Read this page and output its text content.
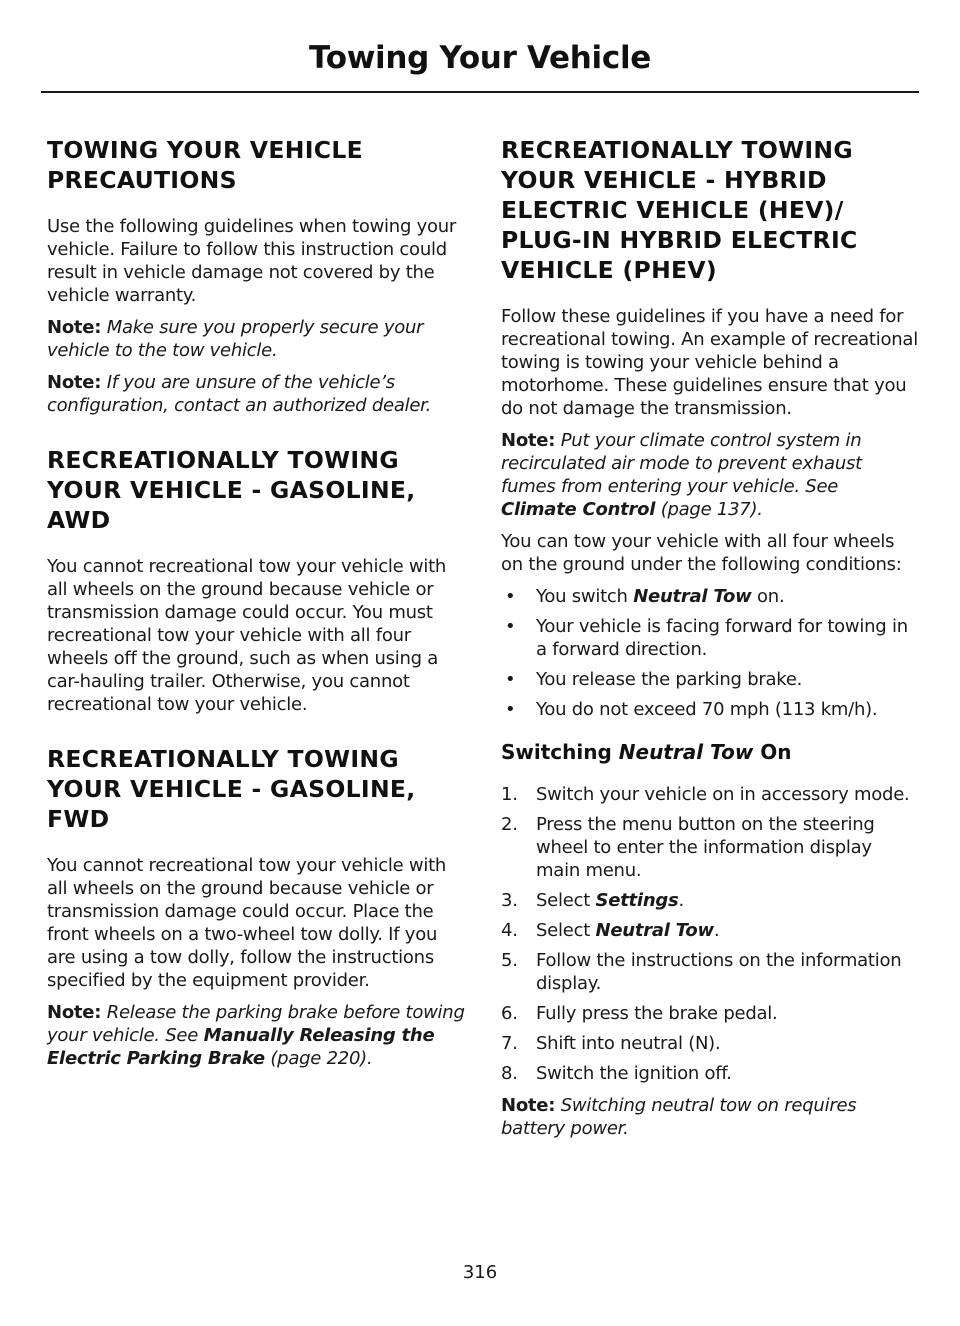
Towing Your Vehicle
TOWING YOUR VEHICLE
PRECAUTIONS

Use the following guidelines when towing your vehicle. Failure to follow this instruction could result in vehicle damage not covered by the vehicle warranty.

Note: Make sure you properly secure your vehicle to the tow vehicle.

Note: If you are unsure of the vehicle’s configuration, contact an authorized dealer.

RECREATIONALLY TOWING
YOUR VEHICLE - GASOLINE,
AWD

You cannot recreational tow your vehicle with all wheels on the ground because vehicle or transmission damage could occur. You must recreational tow your vehicle with all four wheels off the ground, such as when using a car-hauling trailer. Otherwise, you cannot recreational tow your vehicle.

RECREATIONALLY TOWING
YOUR VEHICLE - GASOLINE,
FWD

You cannot recreational tow your vehicle with all wheels on the ground because vehicle or transmission damage could occur. Place the front wheels on a two-wheel tow dolly. If you are using a tow dolly, follow the instructions specified by the equipment provider.

Note: Release the parking brake before towing your vehicle. See Manually Releasing the Electric Parking Brake (page 220).

RECREATIONALLY TOWING
YOUR VEHICLE - HYBRID
ELECTRIC VEHICLE (HEV)/
PLUG-IN HYBRID ELECTRIC
VEHICLE (PHEV)

Follow these guidelines if you have a need for recreational towing. An example of recreational towing is towing your vehicle behind a motorhome. These guidelines ensure that you do not damage the transmission.

Note: Put your climate control system in recirculated air mode to prevent exhaust fumes from entering your vehicle. See Climate Control (page 137).

You can tow your vehicle with all four wheels on the ground under the following conditions:

• You switch Neutral Tow on.
• Your vehicle is facing forward for towing in a forward direction.
• You release the parking brake.
• You do not exceed 70 mph (113 km/h).
Switching Neutral Tow On
1. Switch your vehicle on in accessory mode.
2. Press the menu button on the steering wheel to enter the information display main menu.
3. Select Settings.
4. Select Neutral Tow.
5. Follow the instructions on the information display.
6. Fully press the brake pedal.
7. Shift into neutral (N).
8. Switch the ignition off.

Note: Switching neutral tow on requires battery power.

316
